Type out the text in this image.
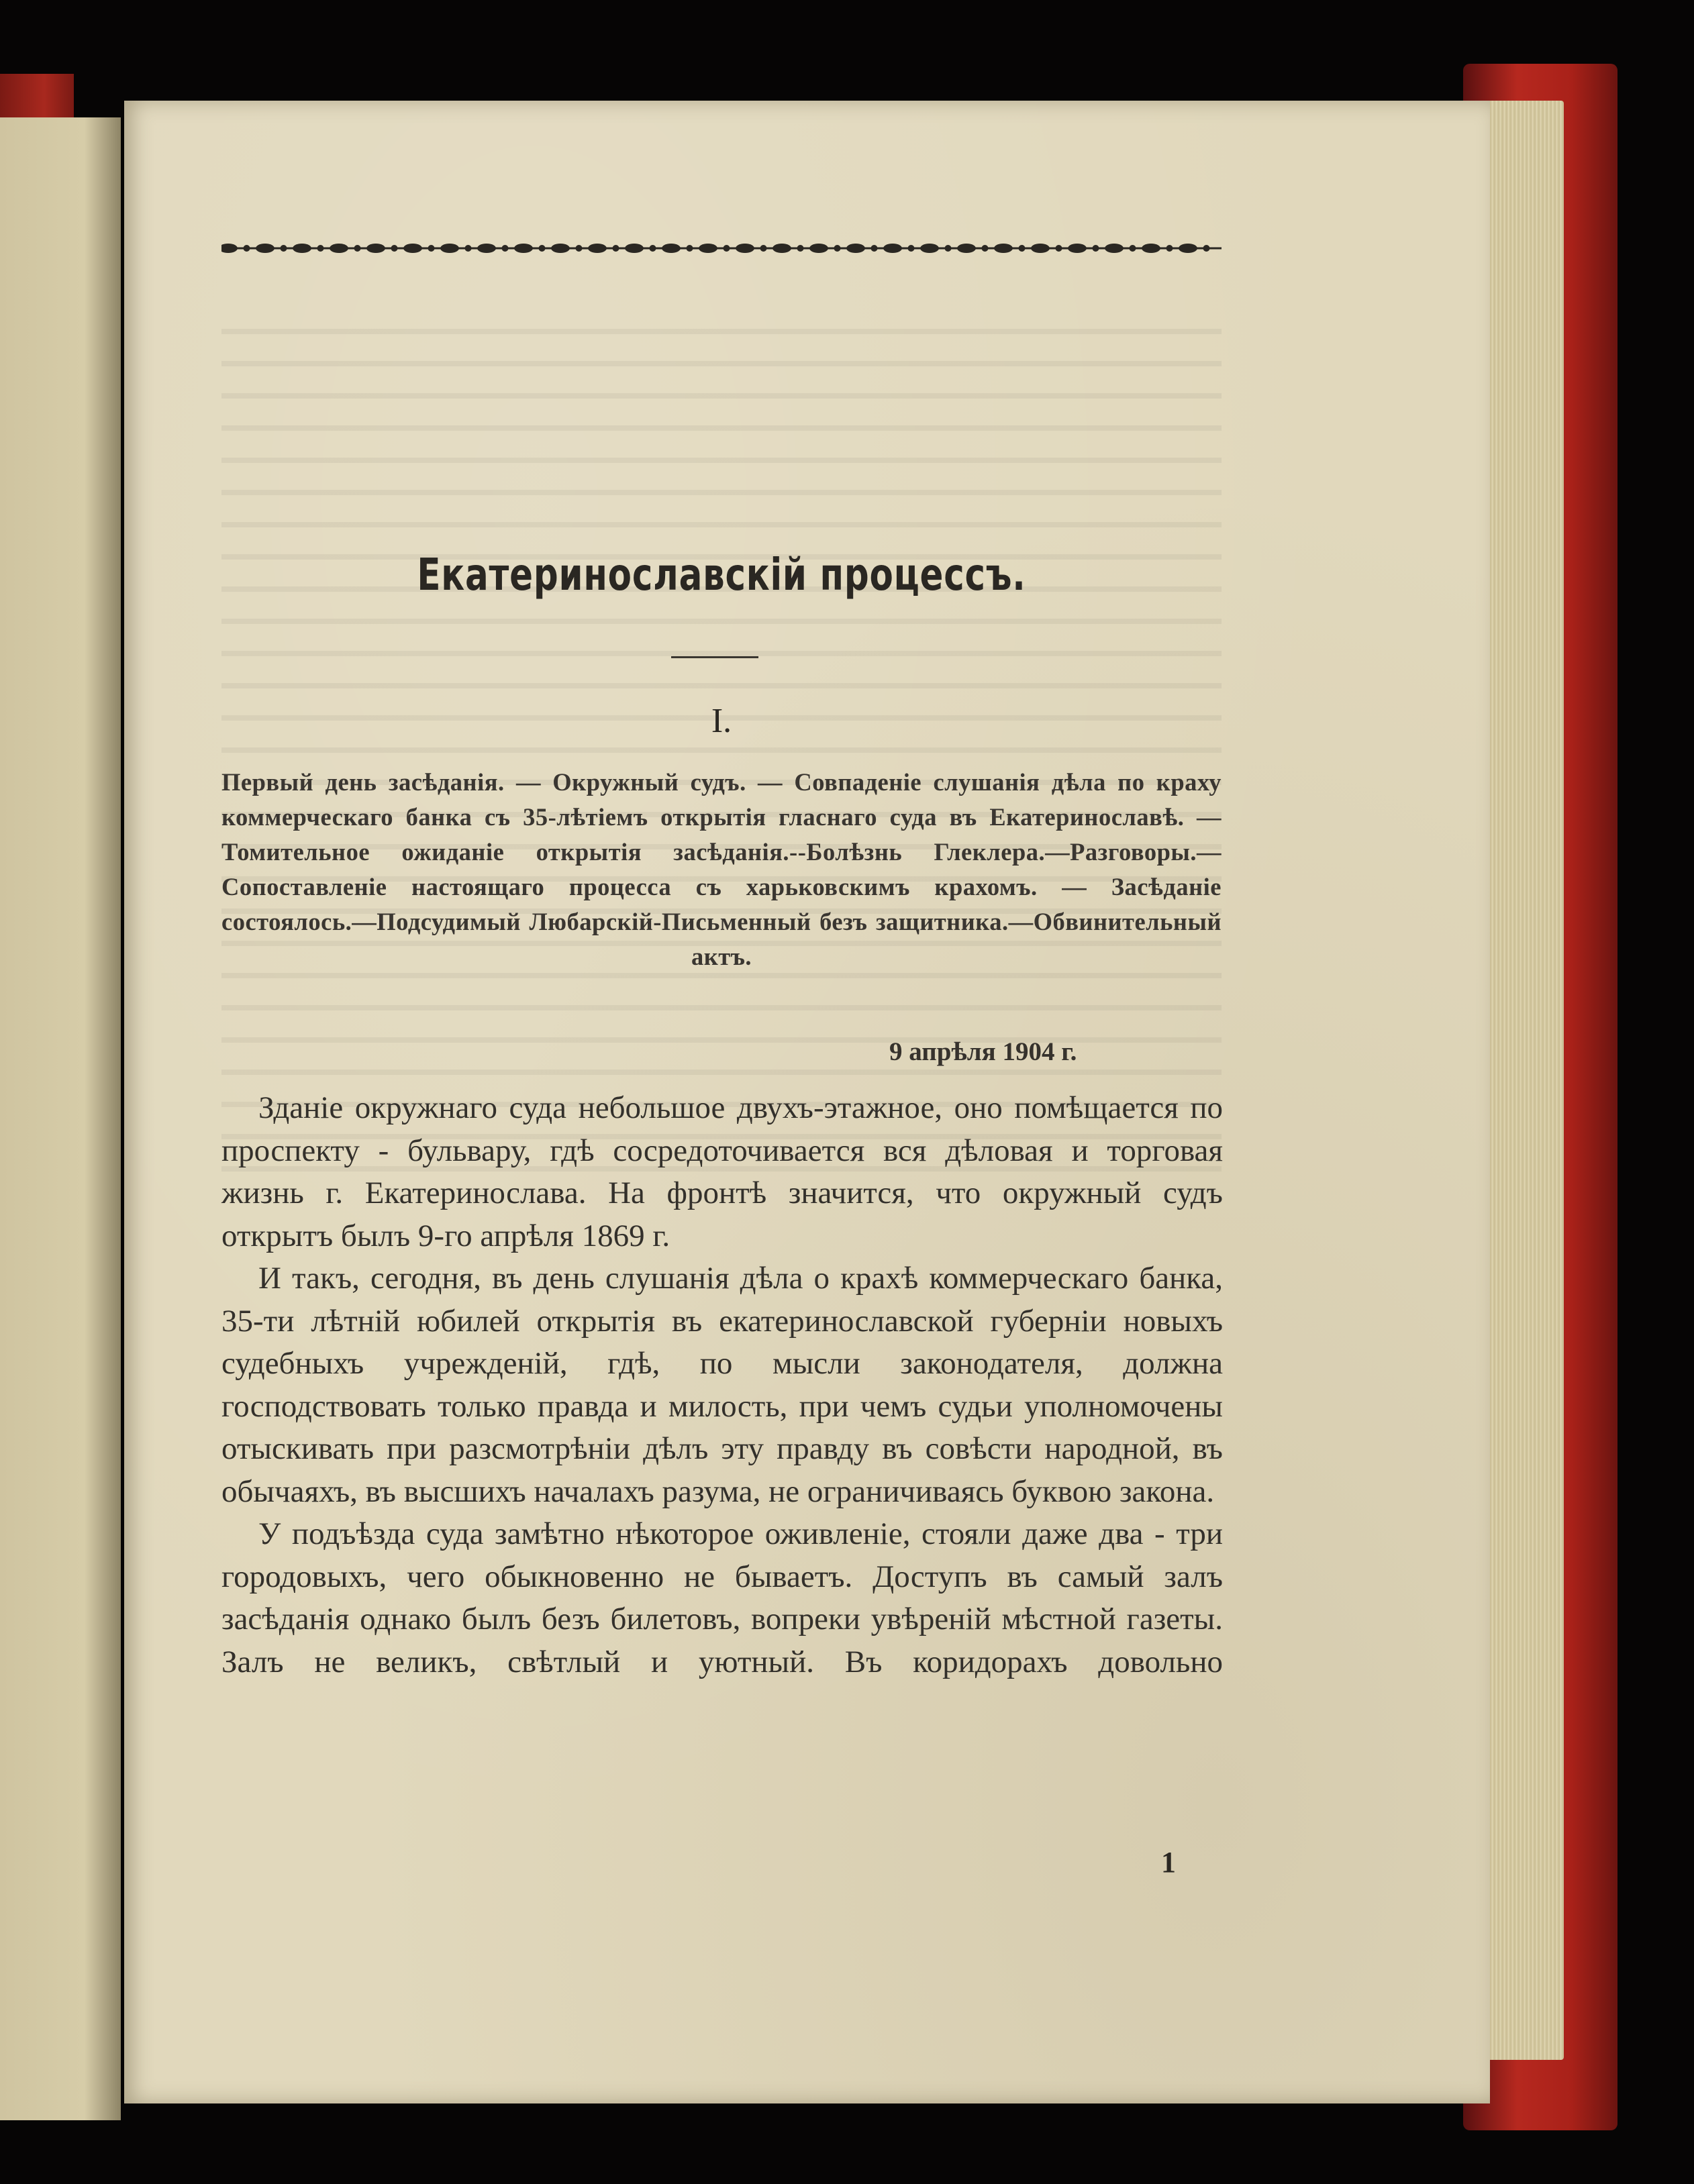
Екатеринославскій процессъ.
I.
Первый день засѣданія. — Окружный судъ. — Совпаденіе слушанія дѣла по краху коммерческаго банка съ 35-лѣтіемъ открытія гласнаго суда въ Екатеринославѣ. — Томительное ожиданіе открытія засѣданія.--Болѣзнь Глеклера.—Разговоры.—Сопоставленіе настоящаго процесса съ харьковскимъ крахомъ. — Засѣданіе состоялось.—Подсудимый Любарскій-Письменный безъ защитника.—Обвинительный актъ.
9 апрѣля 1904 г.

Зданіе окружнаго суда небольшое двухъ-этажное, оно помѣщается по проспекту - бульвару, гдѣ сосредоточивается вся дѣловая и торговая жизнь г. Екатеринослава. На фронтѣ значится, что окружный судъ открытъ былъ 9-го апрѣля 1869 г.

И такъ, сегодня, въ день слушанія дѣла о крахѣ коммерческаго банка, 35-ти лѣтній юбилей открытія въ екатеринославской губерніи новыхъ судебныхъ учрежденій, гдѣ, по мысли законодателя, должна господствовать только правда и милость, при чемъ судьи уполномочены отыскивать при разсмотрѣніи дѣлъ эту правду въ совѣсти народной, въ обычаяхъ, въ высшихъ началахъ разума, не ограничиваясь буквою закона.

У подъѣзда суда замѣтно нѣкоторое оживленіе, стояли даже два - три городовыхъ, чего обыкновенно не бываетъ. Доступъ въ самый залъ засѣданія однако былъ безъ билетовъ, вопреки увѣреній мѣстной газеты. Залъ не великъ, свѣтлый и уютный. Въ коридорахъ довольно

1
